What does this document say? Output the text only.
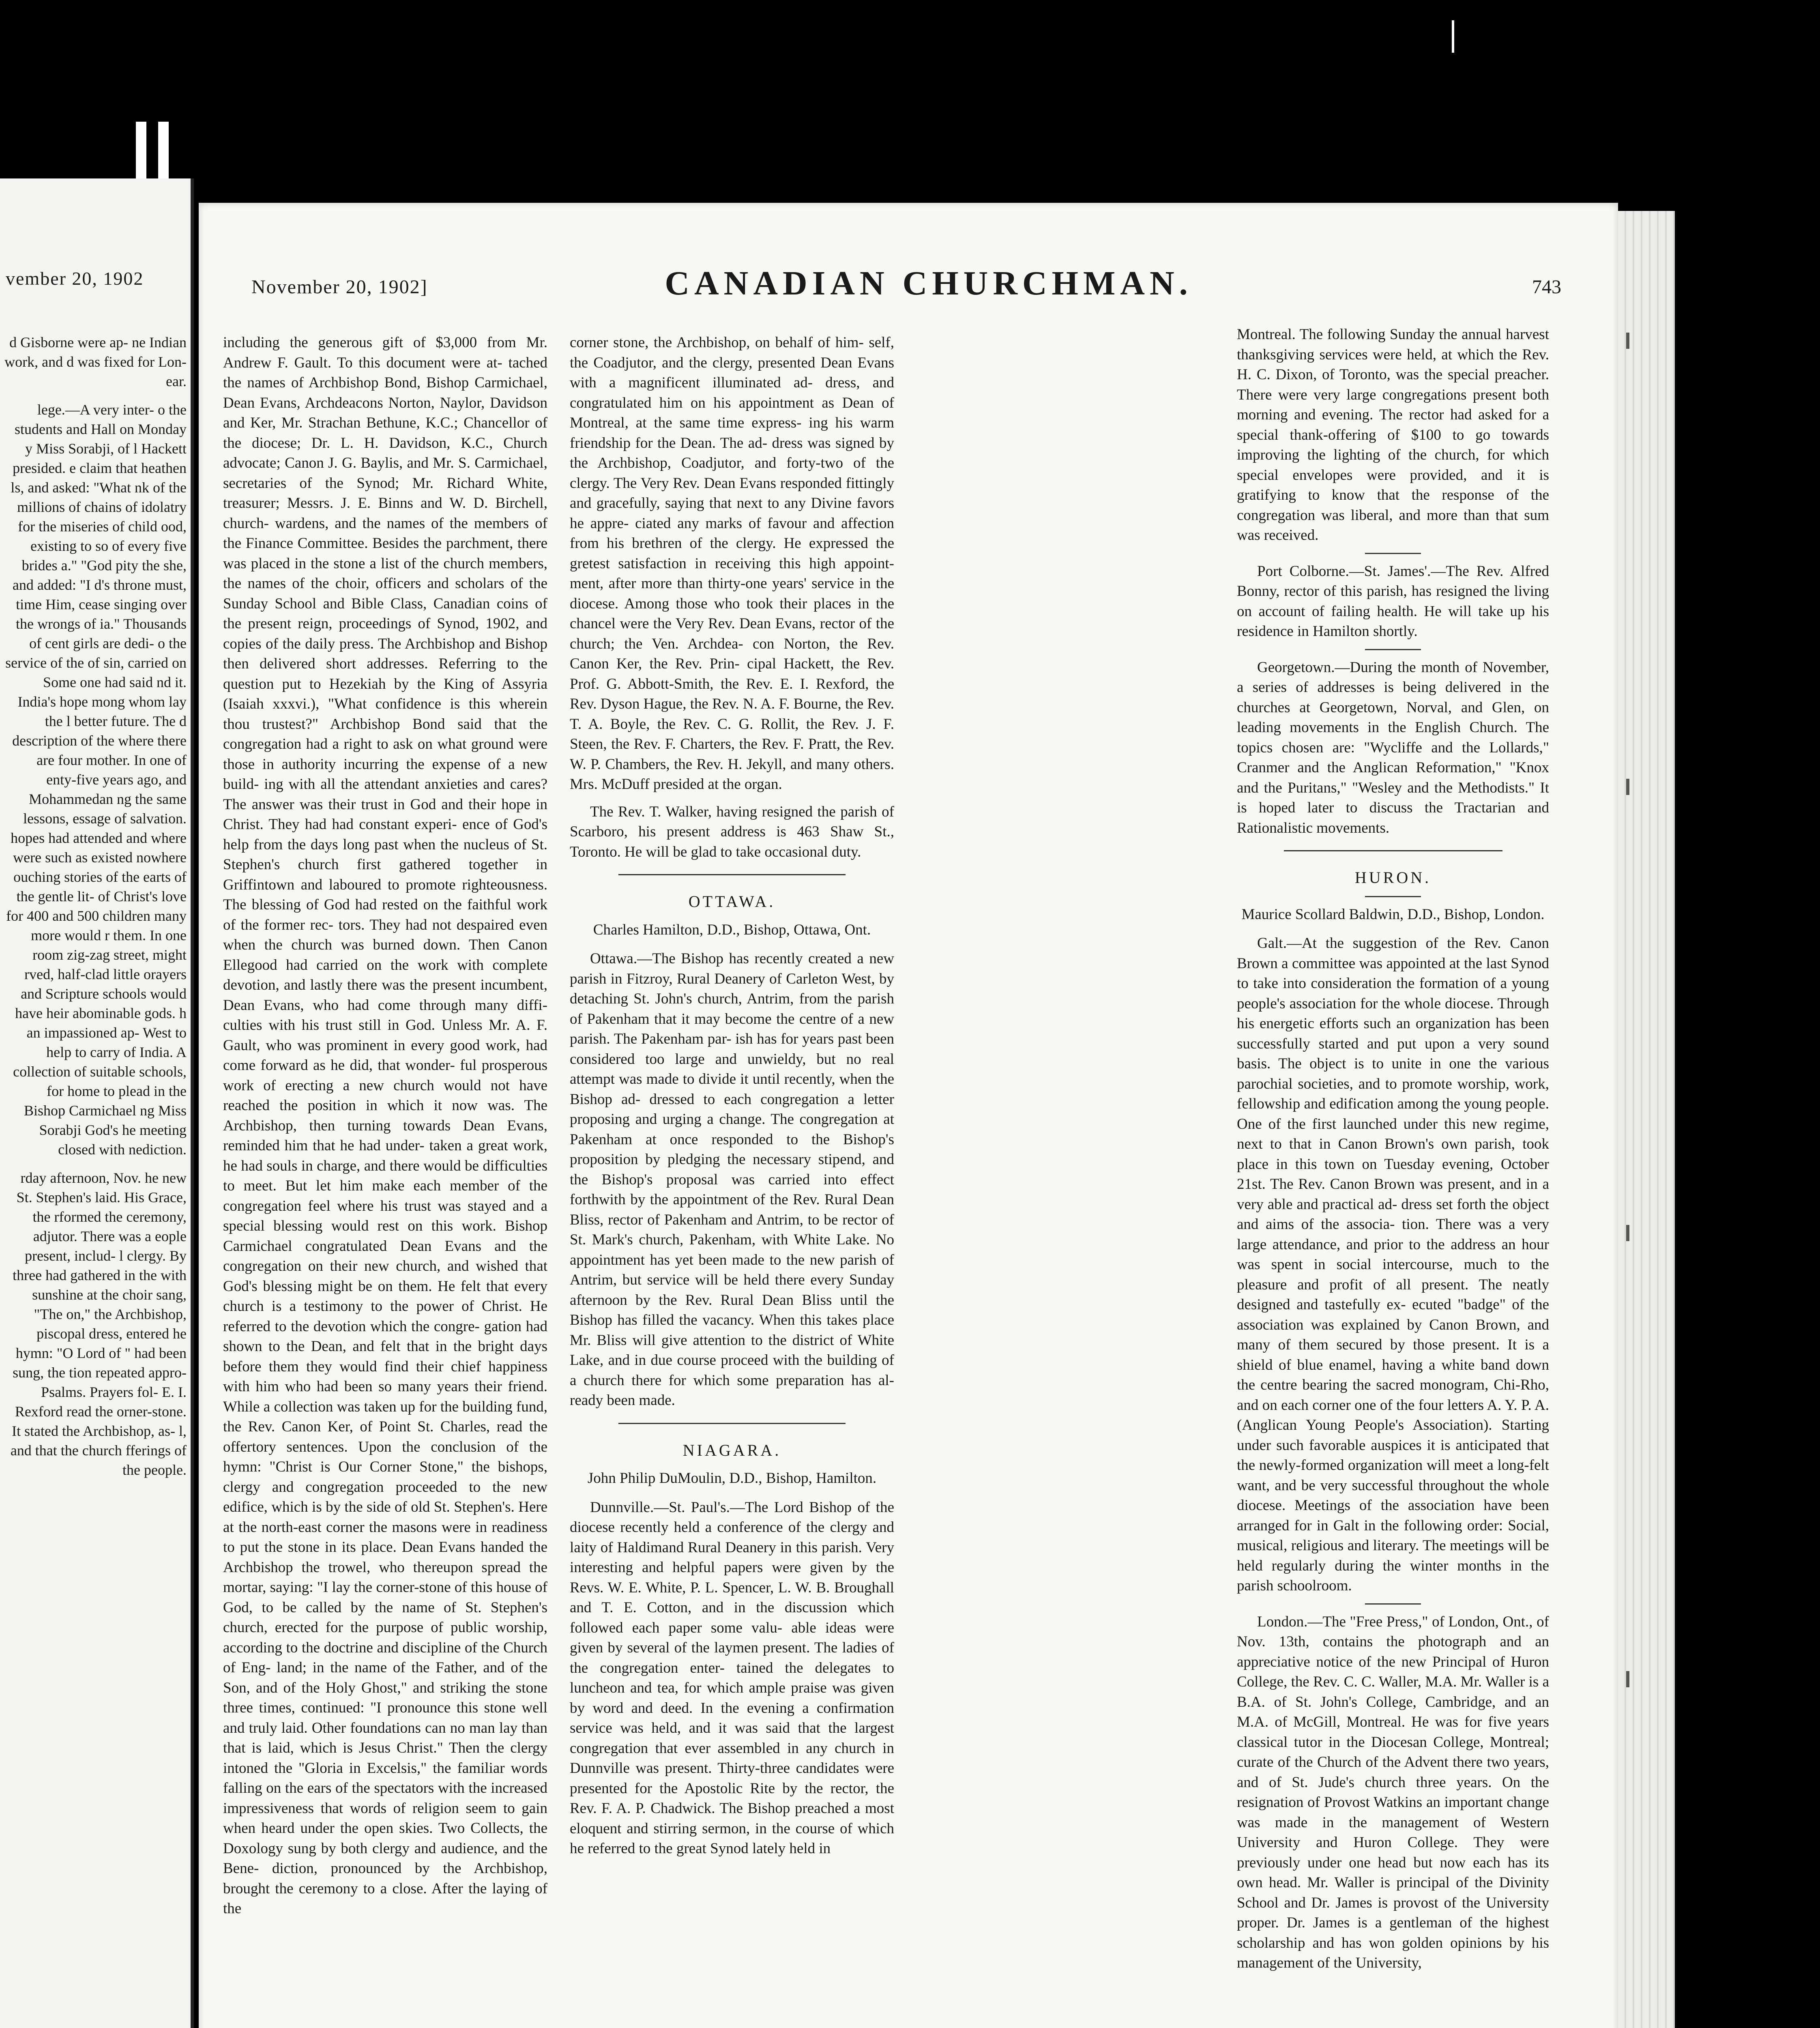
vember 20, 1902

d Gisborne were ap- ne Indian work, and d was fixed for Lon- ear.

lege.—A very inter- o the students and Hall on Monday y Miss Sorabji, of l Hackett presided. e claim that heathen ls, and asked: "What nk of the millions of chains of idolatry for the miseries of child ood, existing to so of every five brides a." "God pity the she, and added: "I d's throne must, time Him, cease singing over the wrongs of ia." Thousands of cent girls are dedi- o the service of the of sin, carried on Some one had said nd it. India's hope mong whom lay the l better future. The d description of the where there are four mother. In one of enty-five years ago, and Mohammedan ng the same lessons, essage of salvation. hopes had attended and where were such as existed nowhere ouching stories of the earts of the gentle lit- of Christ's love for 400 and 500 children many more would r them. In one room zig-zag street, might rved, half-clad little orayers and Scripture schools would have heir abominable gods. h an impassioned ap- West to help to carry of India. A collection of suitable schools, for home to plead in the Bishop Carmichael ng Miss Sorabji God's he meeting closed with nediction.

rday afternoon, Nov. he new St. Stephen's laid. His Grace, the rformed the ceremony, adjutor. There was a eople present, includ- l clergy. By three had gathered in the with sunshine at the choir sang, "The on," the Archbishop, piscopal dress, entered he hymn: "O Lord of " had been sung, the tion repeated appro- Psalms. Prayers fol- E. I. Rexford read the orner-stone. It stated the Archbishop, as- l, and that the church fferings of the people.

November 20, 1902]	CANADIAN CHURCHMAN.	743

including the generous gift of $3,000 from Mr. Andrew F. Gault. To this document were at- tached the names of Archbishop Bond, Bishop Carmichael, Dean Evans, Archdeacons Norton, Naylor, Davidson and Ker, Mr. Strachan Bethune, K.C.; Chancellor of the diocese; Dr. L. H. Davidson, K.C., Church advocate; Canon J. G. Baylis, and Mr. S. Carmichael, secretaries of the Synod; Mr. Richard White, treasurer; Messrs. J. E. Binns and W. D. Birchell, church- wardens, and the names of the members of the Finance Committee. Besides the parchment, there was placed in the stone a list of the church members, the names of the choir, officers and scholars of the Sunday School and Bible Class, Canadian coins of the present reign, proceedings of Synod, 1902, and copies of the daily press. The Archbishop and Bishop then delivered short addresses. Referring to the question put to Hezekiah by the King of Assyria (Isaiah xxxvi.), "What confidence is this wherein thou trustest?" Archbishop Bond said that the congregation had a right to ask on what ground were those in authority incurring the expense of a new build- ing with all the attendant anxieties and cares? The answer was their trust in God and their hope in Christ. They had had constant experi- ence of God's help from the days long past when the nucleus of St. Stephen's church first gathered together in Griffintown and laboured to promote righteousness. The blessing of God had rested on the faithful work of the former rec- tors. They had not despaired even when the church was burned down. Then Canon Ellegood had carried on the work with complete devotion, and lastly there was the present incumbent, Dean Evans, who had come through many diffi- culties with his trust still in God. Unless Mr. A. F. Gault, who was prominent in every good work, had come forward as he did, that wonder- ful prosperous work of erecting a new church would not have reached the position in which it now was. The Archbishop, then turning towards Dean Evans, reminded him that he had under- taken a great work, he had souls in charge, and there would be difficulties to meet. But let him make each member of the congregation feel where his trust was stayed and a special blessing would rest on this work. Bishop Carmichael congratulated Dean Evans and the congregation on their new church, and wished that God's blessing might be on them. He felt that every church is a testimony to the power of Christ. He referred to the devotion which the congre- gation had shown to the Dean, and felt that in the bright days before them they would find their chief happiness with him who had been so many years their friend. While a collection was taken up for the building fund, the Rev. Canon Ker, of Point St. Charles, read the offertory sentences. Upon the conclusion of the hymn: "Christ is Our Corner Stone," the bishops, clergy and congregation proceeded to the new edifice, which is by the side of old St. Stephen's. Here at the north-east corner the masons were in readiness to put the stone in its place. Dean Evans handed the Archbishop the trowel, who thereupon spread the mortar, saying: "I lay the corner-stone of this house of God, to be called by the name of St. Stephen's church, erected for the purpose of public worship, according to the doctrine and discipline of the Church of Eng- land; in the name of the Father, and of the Son, and of the Holy Ghost," and striking the stone three times, continued: "I pronounce this stone well and truly laid. Other foundations can no man lay than that is laid, which is Jesus Christ." Then the clergy intoned the "Gloria in Excelsis," the familiar words falling on the ears of the spectators with the increased impressiveness that words of religion seem to gain when heard under the open skies. Two Collects, the Doxology sung by both clergy and audience, and the Bene- diction, pronounced by the Archbishop, brought the ceremony to a close. After the laying of the

corner stone, the Archbishop, on behalf of him- self, the Coadjutor, and the clergy, presented Dean Evans with a magnificent illuminated ad- dress, and congratulated him on his appointment as Dean of Montreal, at the same time express- ing his warm friendship for the Dean. The ad- dress was signed by the Archbishop, Coadjutor, and forty-two of the clergy. The Very Rev. Dean Evans responded fittingly and gracefully, saying that next to any Divine favors he appre- ciated any marks of favour and affection from his brethren of the clergy. He expressed the gretest satisfaction in receiving this high appoint- ment, after more than thirty-one years' service in the diocese. Among those who took their places in the chancel were the Very Rev. Dean Evans, rector of the church; the Ven. Archdea- con Norton, the Rev. Canon Ker, the Rev. Prin- cipal Hackett, the Rev. Prof. G. Abbott-Smith, the Rev. E. I. Rexford, the Rev. Dyson Hague, the Rev. N. A. F. Bourne, the Rev. T. A. Boyle, the Rev. C. G. Rollit, the Rev. J. F. Steen, the Rev. F. Charters, the Rev. F. Pratt, the Rev. W. P. Chambers, the Rev. H. Jekyll, and many others. Mrs. McDuff presided at the organ.

The Rev. T. Walker, having resigned the parish of Scarboro, his present address is 463 Shaw St., Toronto. He will be glad to take occasional duty.

OTTAWA.
Charles Hamilton, D.D., Bishop, Ottawa, Ont.

Ottawa.—The Bishop has recently created a new parish in Fitzroy, Rural Deanery of Carleton West, by detaching St. John's church, Antrim, from the parish of Pakenham that it may become the centre of a new parish. The Pakenham par- ish has for years past been considered too large and unwieldy, but no real attempt was made to divide it until recently, when the Bishop ad- dressed to each congregation a letter proposing and urging a change. The congregation at Pakenham at once responded to the Bishop's proposition by pledging the necessary stipend, and the Bishop's proposal was carried into effect forthwith by the appointment of the Rev. Rural Dean Bliss, rector of Pakenham and Antrim, to be rector of St. Mark's church, Pakenham, with White Lake. No appointment has yet been made to the new parish of Antrim, but service will be held there every Sunday afternoon by the Rev. Rural Dean Bliss until the Bishop has filled the vacancy. When this takes place Mr. Bliss will give attention to the district of White Lake, and in due course proceed with the building of a church there for which some preparation has al- ready been made.

NIAGARA.
John Philip DuMoulin, D.D., Bishop, Hamilton.

Dunnville.—St. Paul's.—The Lord Bishop of the diocese recently held a conference of the clergy and laity of Haldimand Rural Deanery in this parish. Very interesting and helpful papers were given by the Revs. W. E. White, P. L. Spencer, L. W. B. Broughall and T. E. Cotton, and in the discussion which followed each paper some valu- able ideas were given by several of the laymen present. The ladies of the congregation enter- tained the delegates to luncheon and tea, for which ample praise was given by word and deed. In the evening a confirmation service was held, and it was said that the largest congregation that ever assembled in any church in Dunnville was present. Thirty-three candidates were presented for the Apostolic Rite by the rector, the Rev. F. A. P. Chadwick. The Bishop preached a most eloquent and stirring sermon, in the course of which he referred to the great Synod lately held in

Montreal. The following Sunday the annual harvest thanksgiving services were held, at which the Rev. H. C. Dixon, of Toronto, was the special preacher. There were very large congregations present both morning and evening. The rector had asked for a special thank-offering of $100 to go towards improving the lighting of the church, for which special envelopes were provided, and it is gratifying to know that the response of the congregation was liberal, and more than that sum was received.

Port Colborne.—St. James'.—The Rev. Alfred Bonny, rector of this parish, has resigned the living on account of failing health. He will take up his residence in Hamilton shortly.

Georgetown.—During the month of November, a series of addresses is being delivered in the churches at Georgetown, Norval, and Glen, on leading movements in the English Church. The topics chosen are: "Wycliffe and the Lollards," Cranmer and the Anglican Reformation," "Knox and the Puritans," "Wesley and the Methodists." It is hoped later to discuss the Tractarian and Rationalistic movements.

HURON.
Maurice Scollard Baldwin, D.D., Bishop, London.

Galt.—At the suggestion of the Rev. Canon Brown a committee was appointed at the last Synod to take into consideration the formation of a young people's association for the whole diocese. Through his energetic efforts such an organization has been successfully started and put upon a very sound basis. The object is to unite in one the various parochial societies, and to promote worship, work, fellowship and edification among the young people. One of the first launched under this new regime, next to that in Canon Brown's own parish, took place in this town on Tuesday evening, October 21st. The Rev. Canon Brown was present, and in a very able and practical ad- dress set forth the object and aims of the associa- tion. There was a very large attendance, and prior to the address an hour was spent in social intercourse, much to the pleasure and profit of all present. The neatly designed and tastefully ex- ecuted "badge" of the association was explained by Canon Brown, and many of them secured by those present. It is a shield of blue enamel, having a white band down the centre bearing the sacred monogram, Chi-Rho, and on each corner one of the four letters A. Y. P. A. (Anglican Young People's Association). Starting under such favorable auspices it is anticipated that the newly-formed organization will meet a long-felt want, and be very successful throughout the whole diocese. Meetings of the association have been arranged for in Galt in the following order: Social, musical, religious and literary. The meetings will be held regularly during the winter months in the parish schoolroom.

London.—The "Free Press," of London, Ont., of Nov. 13th, contains the photograph and an appreciative notice of the new Principal of Huron College, the Rev. C. C. Waller, M.A. Mr. Waller is a B.A. of St. John's College, Cambridge, and an M.A. of McGill, Montreal. He was for five years classical tutor in the Diocesan College, Montreal; curate of the Church of the Advent there two years, and of St. Jude's church three years. On the resignation of Provost Watkins an important change was made in the management of Western University and Huron College. They were previously under one head but now each has its own head. Mr. Waller is principal of the Divinity School and Dr. James is provost of the University proper. Dr. James is a gentleman of the highest scholarship and has won golden opinions by his management of the University,
